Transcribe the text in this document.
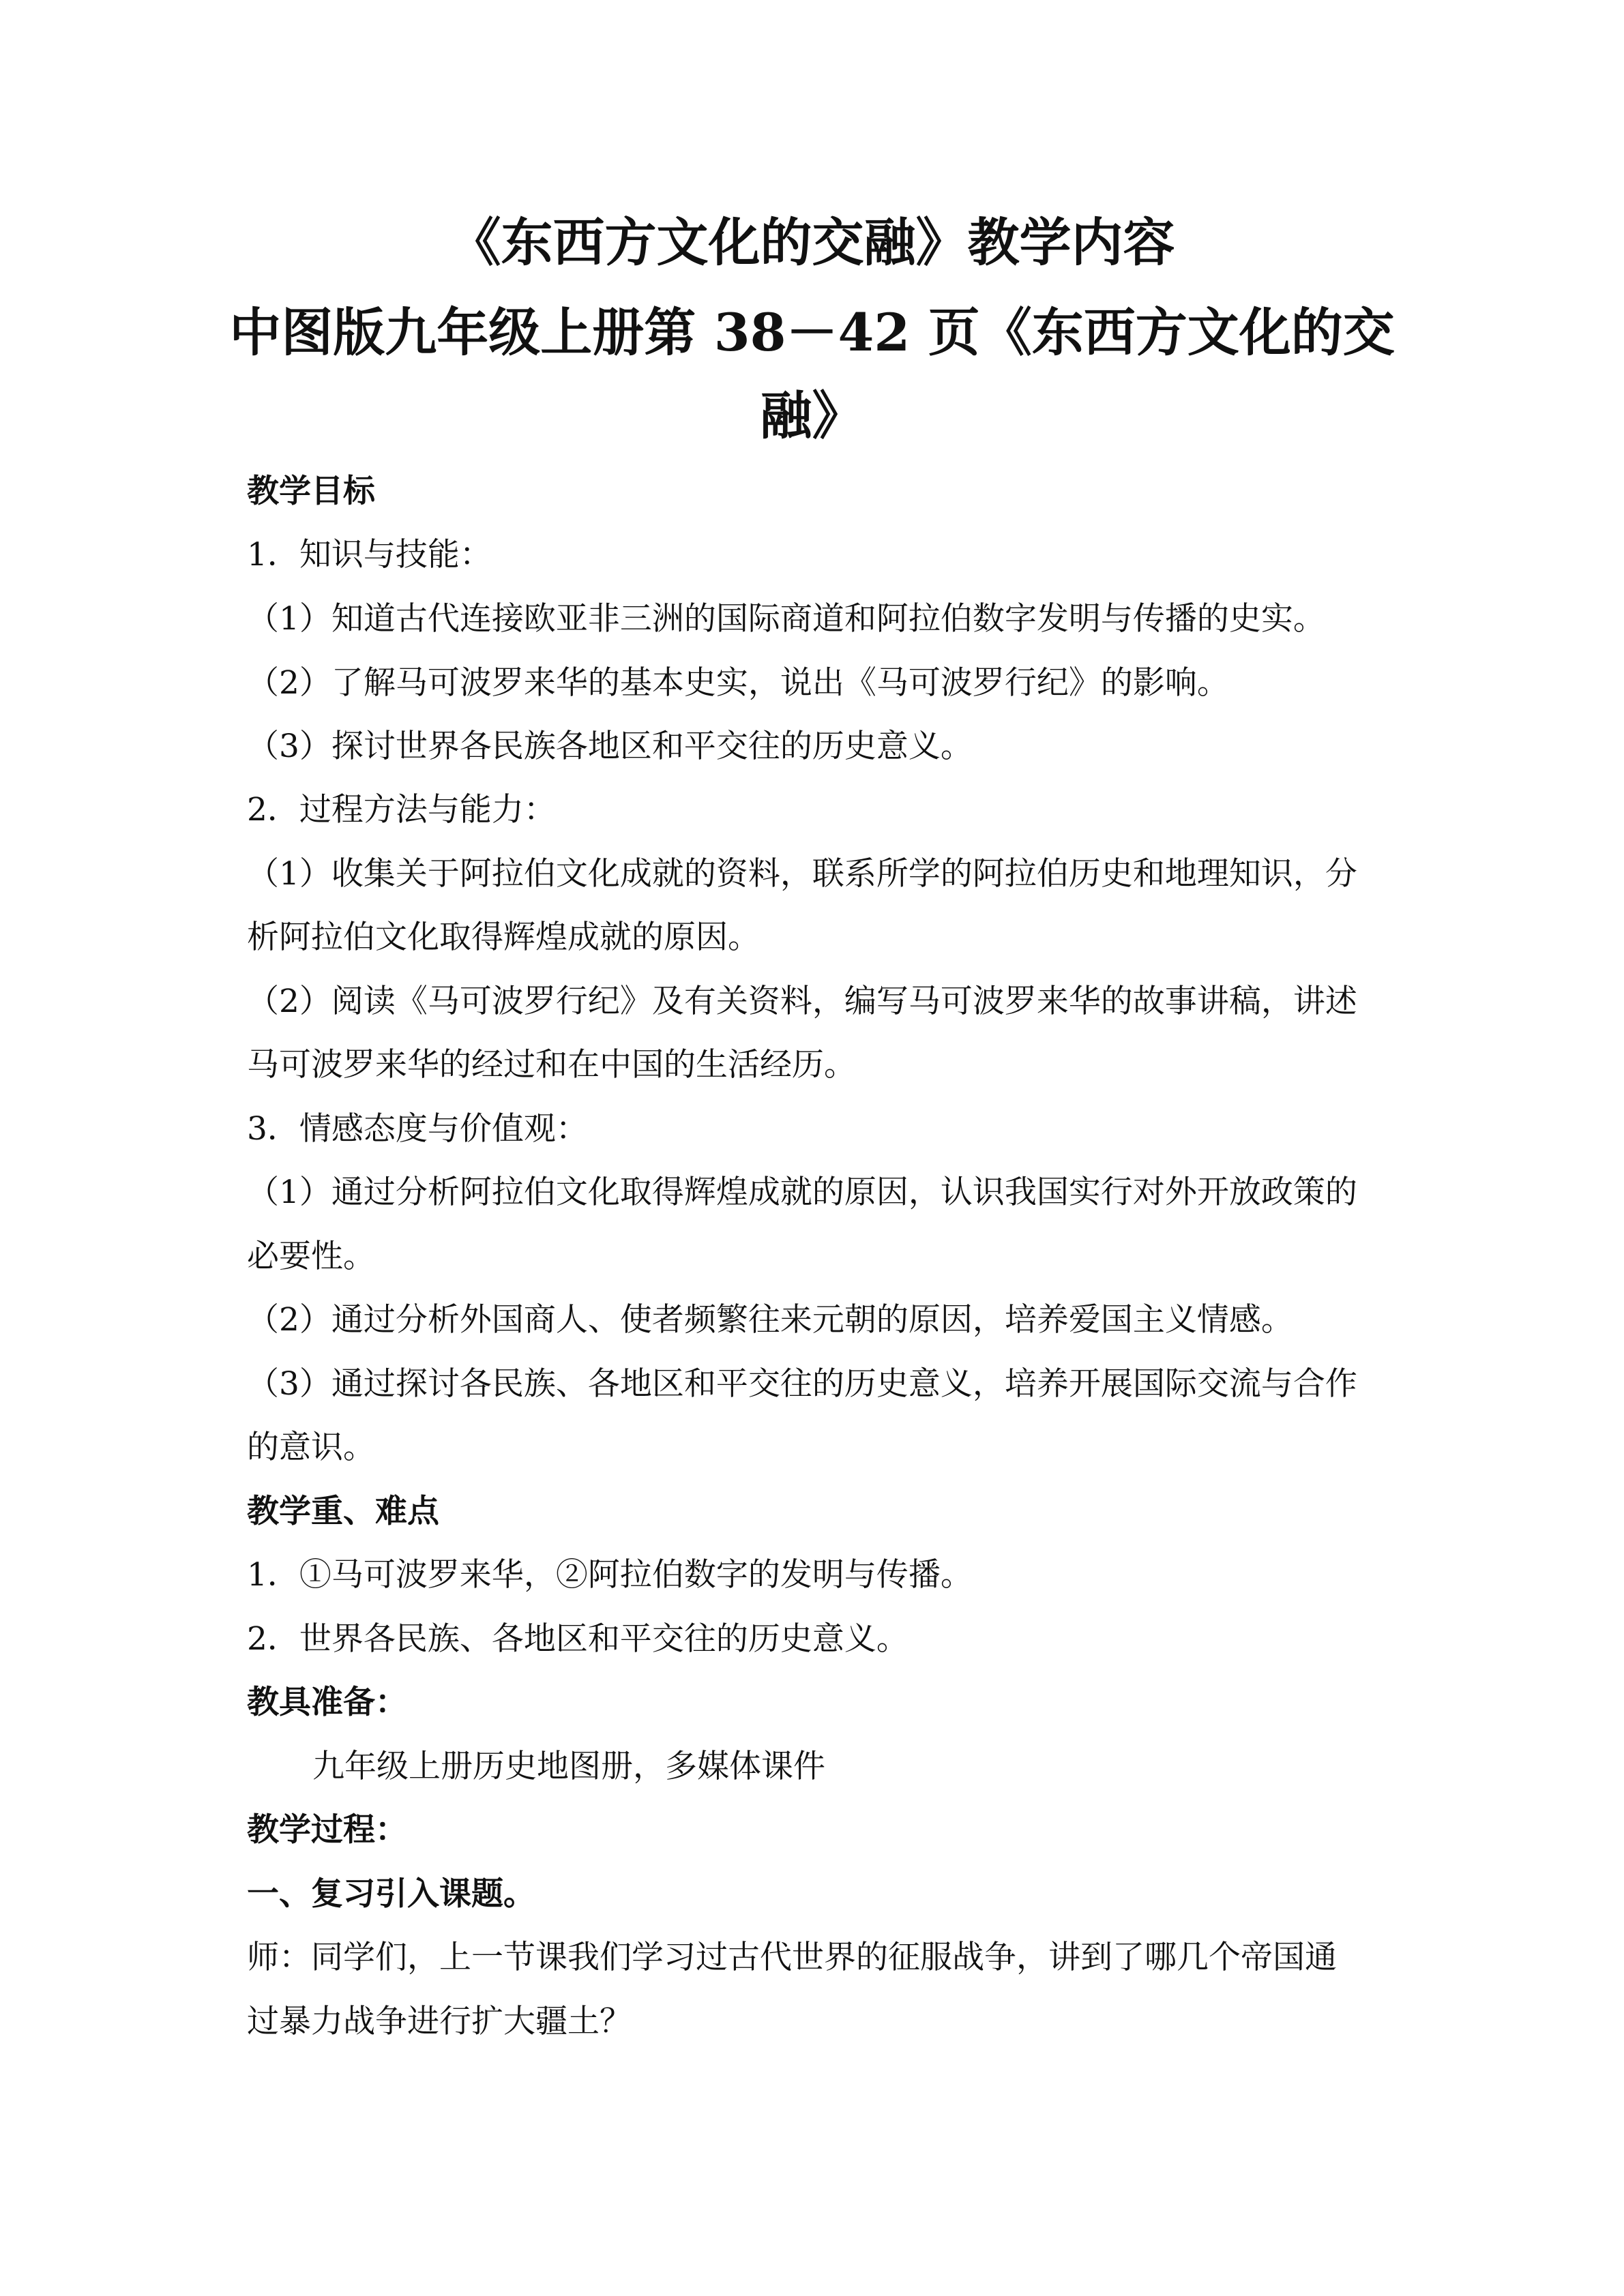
《东西方文化的交融》教学内容
中图版九年级上册第 38－42 页《东西方文化的交
融》
教学目标
1．知识与技能：
（1）知道古代连接欧亚非三洲的国际商道和阿拉伯数字发明与传播的史实。
（2）了解马可波罗来华的基本史实，说出《马可波罗行纪》的影响。
（3）探讨世界各民族各地区和平交往的历史意义。
2．过程方法与能力：
（1）收集关于阿拉伯文化成就的资料，联系所学的阿拉伯历史和地理知识，分
析阿拉伯文化取得辉煌成就的原因。
（2）阅读《马可波罗行纪》及有关资料，编写马可波罗来华的故事讲稿，讲述
马可波罗来华的经过和在中国的生活经历。
3．情感态度与价值观：
（1）通过分析阿拉伯文化取得辉煌成就的原因，认识我国实行对外开放政策的
必要性。
（2）通过分析外国商人、使者频繁往来元朝的原因，培养爱国主义情感。
（3）通过探讨各民族、各地区和平交往的历史意义，培养开展国际交流与合作
的意识。
教学重、难点
1．①马可波罗来华，②阿拉伯数字的发明与传播。
2．世界各民族、各地区和平交往的历史意义。
教具准备：
九年级上册历史地图册，多媒体课件
教学过程：
一、复习引入课题。
师：同学们，上一节课我们学习过古代世界的征服战争，讲到了哪几个帝国通
过暴力战争进行扩大疆土？
